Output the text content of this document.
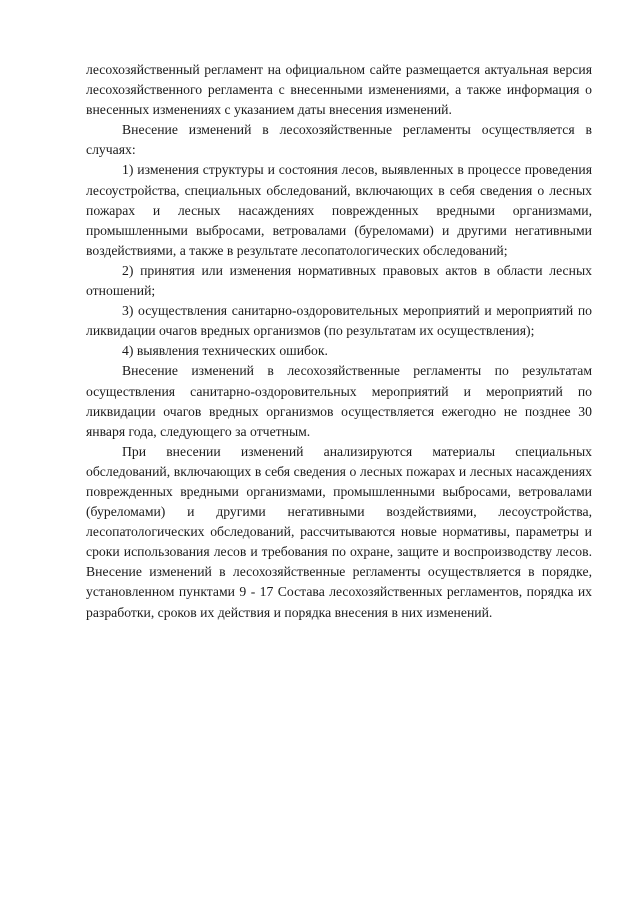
лесохозяйственный регламент на официальном сайте размещается актуальная версия лесохозяйственного регламента с внесенными изменениями, а также информация о внесенных изменениях с указанием даты внесения изменений.

Внесение изменений в лесохозяйственные регламенты осуществляется в случаях:

1) изменения структуры и состояния лесов, выявленных в процессе проведения лесоустройства, специальных обследований, включающих в себя сведения о лесных пожарах и лесных насаждениях поврежденных вредными организмами, промышленными выбросами, ветровалами (буреломами) и другими негативными воздействиями, а также в результате лесопатологических обследований;

2) принятия или изменения нормативных правовых актов в области лесных отношений;

3) осуществления санитарно-оздоровительных мероприятий и мероприятий по ликвидации очагов вредных организмов (по результатам их осуществления);

4) выявления технических ошибок.

Внесение изменений в лесохозяйственные регламенты по результатам осуществления санитарно-оздоровительных мероприятий и мероприятий по ликвидации очагов вредных организмов осуществляется ежегодно не позднее 30 января года, следующего за отчетным.

При внесении изменений анализируются материалы специальных обследований, включающих в себя сведения о лесных пожарах и лесных насаждениях поврежденных вредными организмами, промышленными выбросами, ветровалами (буреломами) и другими негативными воздействиями, лесоустройства, лесопатологических обследований, рассчитываются новые нормативы, параметры и сроки использования лесов и требования по охране, защите и воспроизводству лесов. Внесение изменений в лесохозяйственные регламенты осуществляется в порядке, установленном пунктами 9 - 17 Состава лесохозяйственных регламентов, порядка их разработки, сроков их действия и порядка внесения в них изменений.
